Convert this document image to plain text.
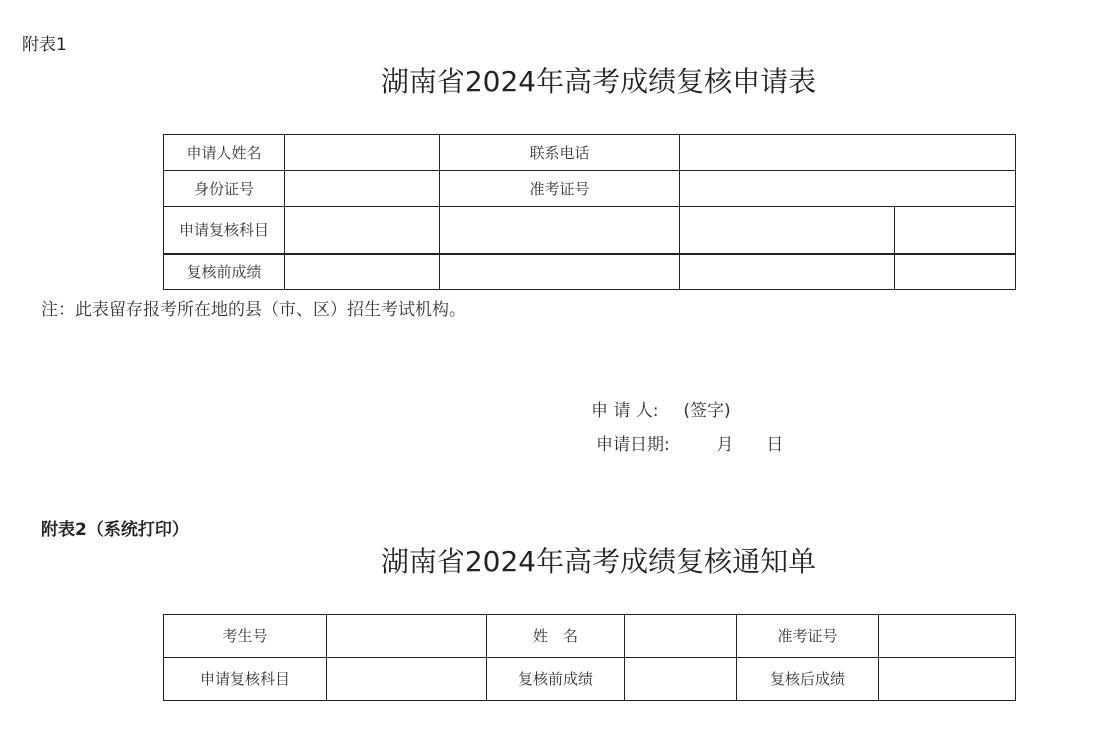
附表1
湖南省2024年高考成绩复核申请表
申请人姓名		联系电话		
身份证号		准考证号		
申请复核科目				
复核前成绩				
注：此表留存报考所在地的县（市、区）招生考试机构。
申 请 人: (签字)
申请日期:	月 日
附表2（系统打印）
湖南省2024年高考成绩复核通知单
考生号		姓　名		准考证号	
申请复核科目		复核前成绩		复核后成绩	
